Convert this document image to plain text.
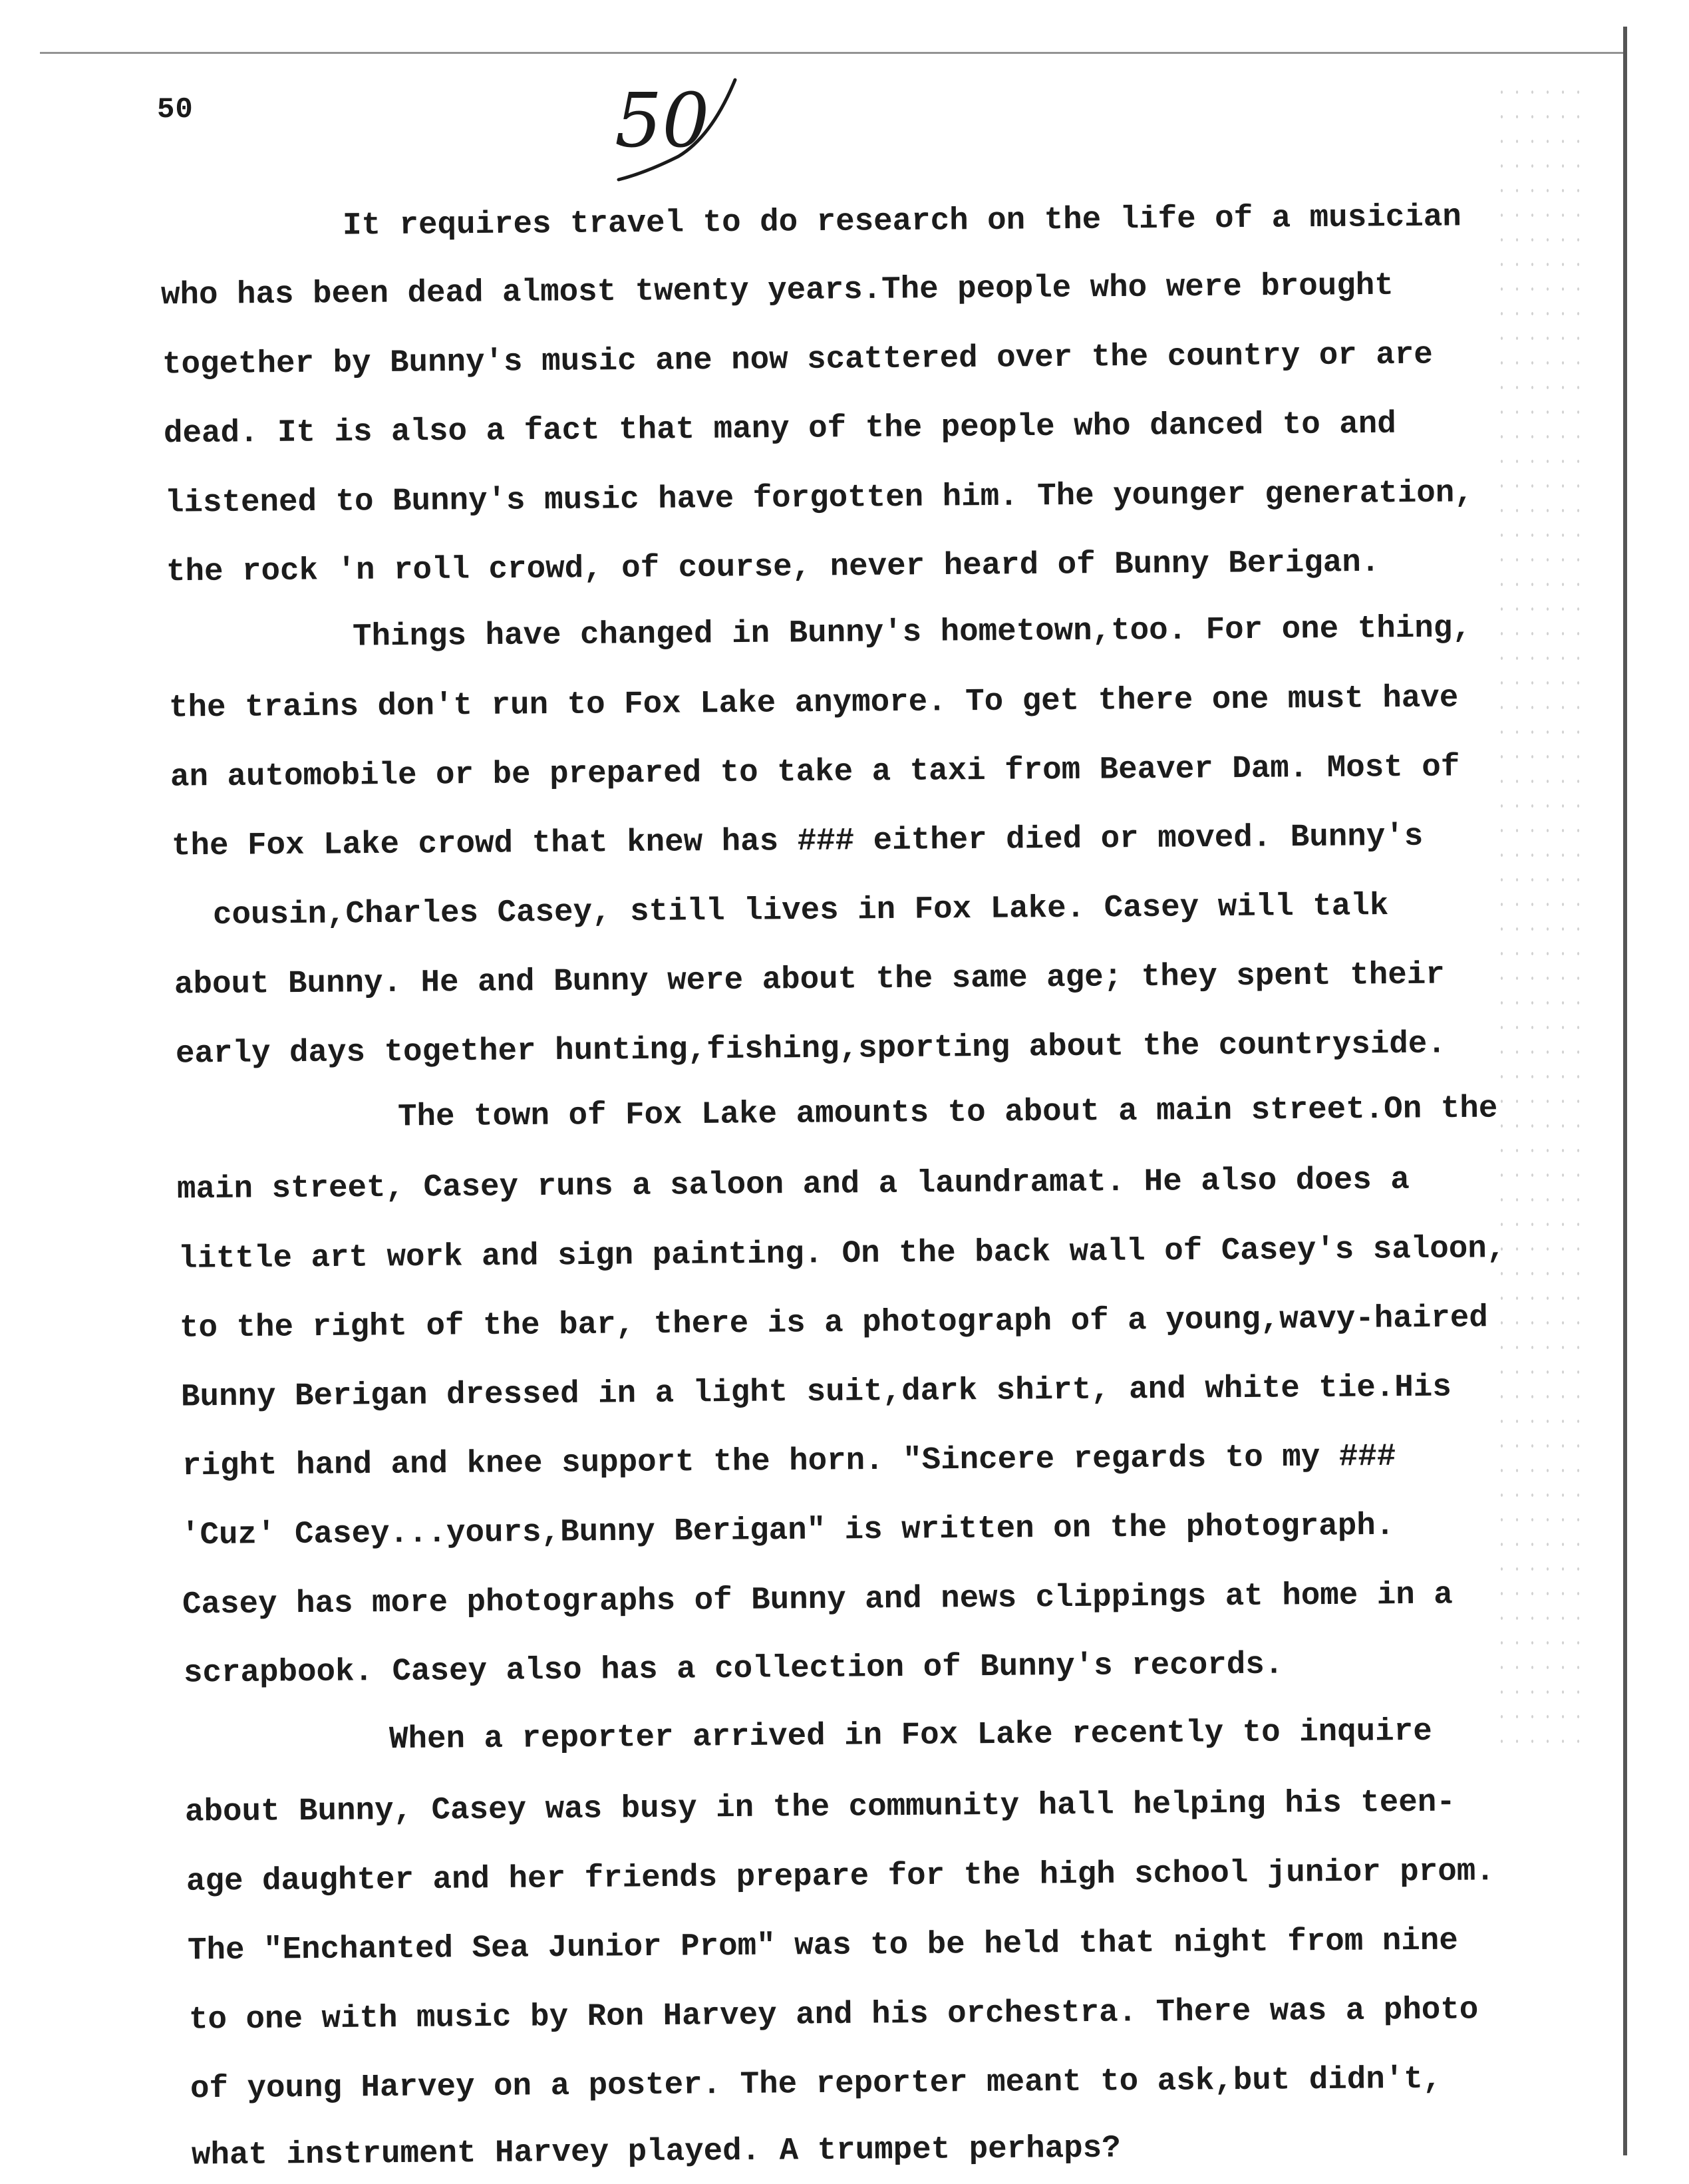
50	50
It requires travel to do research on the life of a musician
who has been dead almost twenty years.The people who were brought
together by Bunny's music ane now scattered over the country or are
dead. It is also a fact that many of the people who danced to and
listened to Bunny's music have forgotten him. The younger generation,
the rock 'n roll crowd, of course, never heard of Bunny Berigan.
Things have changed in Bunny's hometown,too. For one thing,
the trains don't run to Fox Lake anymore. To get there one must have
an automobile or be prepared to take a taxi from Beaver Dam. Most of
the Fox Lake crowd that knew has ### either died or moved. Bunny's
cousin,Charles Casey, still lives in Fox Lake. Casey will talk
about Bunny. He and Bunny were about the same age; they spent their
early days together hunting,fishing,sporting about the countryside.
The town of Fox Lake amounts to about a main street.On the
main street, Casey runs a saloon and a laundramat. He also does a
little art work and sign painting. On the back wall of Casey's saloon,
to the right of the bar, there is a photograph of a young,wavy-haired
Bunny Berigan dressed in a light suit,dark shirt, and white tie.His
right hand and knee support the horn. "Sincere regards to my ###
'Cuz' Casey...yours,Bunny Berigan" is written on the photograph.
Casey has more photographs of Bunny and news clippings at home in a
scrapbook. Casey also has a collection of Bunny's records.
When a reporter arrived in Fox Lake recently to inquire
about Bunny, Casey was busy in the community hall helping his teen-
age daughter and her friends prepare for the high school junior prom.
The "Enchanted Sea Junior Prom" was to be held that night from nine
to one with music by Ron Harvey and his orchestra. There was a photo
of young Harvey on a poster. The reporter meant to ask,but didn't,
what instrument Harvey played. A trumpet perhaps?
